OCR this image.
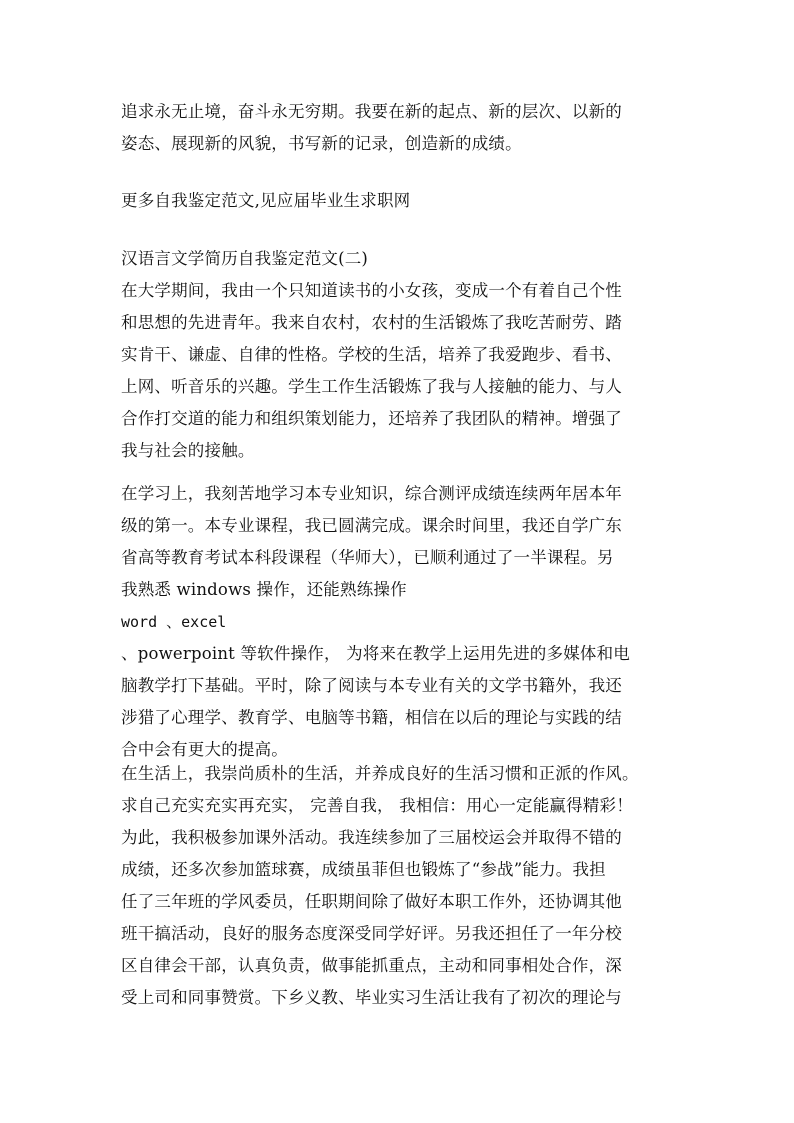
追求永无止境，奋斗永无穷期。我要在新的起点、新的层次、以新的
姿态、展现新的风貌，书写新的记录，创造新的成绩。
更多自我鉴定范文,见应届毕业生求职网
汉语言文学简历自我鉴定范文(二)
在大学期间，我由一个只知道读书的小女孩，变成一个有着自己个性
和思想的先进青年。我来自农村，农村的生活锻炼了我吃苦耐劳、踏
实肯干、谦虚、自律的性格。学校的生活，培养了我爱跑步、看书、
上网、听音乐的兴趣。学生工作生活锻炼了我与人接触的能力、与人
合作打交道的能力和组织策划能力，还培养了我团队的精神。增强了
我与社会的接触。
在学习上，我刻苦地学习本专业知识，综合测评成绩连续两年居本年
级的第一。本专业课程，我已圆满完成。课余时间里，我还自学广东
省高等教育考试本科段课程（华师大），已顺利通过了一半课程。另
我熟悉 windows 操作，还能熟练操作
word 、excel
、powerpoint 等软件操作， 为将来在教学上运用先进的多媒体和电
脑教学打下基础。平时，除了阅读与本专业有关的文学书籍外，我还
涉猎了心理学、教育学、电脑等书籍，相信在以后的理论与实践的结
合中会有更大的提高。
在生活上，我崇尚质朴的生活，并养成良好的生活习惯和正派的作风。
求自己充实充实再充实， 完善自我， 我相信：用心一定能赢得精彩！
为此，我积极参加课外活动。我连续参加了三届校运会并取得不错的
成绩，还多次参加篮球赛，成绩虽菲但也锻炼了“参战”能力。我担
任了三年班的学风委员，任职期间除了做好本职工作外，还协调其他
班干搞活动，良好的服务态度深受同学好评。另我还担任了一年分校
区自律会干部，认真负责，做事能抓重点，主动和同事相处合作，深
受上司和同事赞赏。下乡义教、毕业实习生活让我有了初次的理论与
